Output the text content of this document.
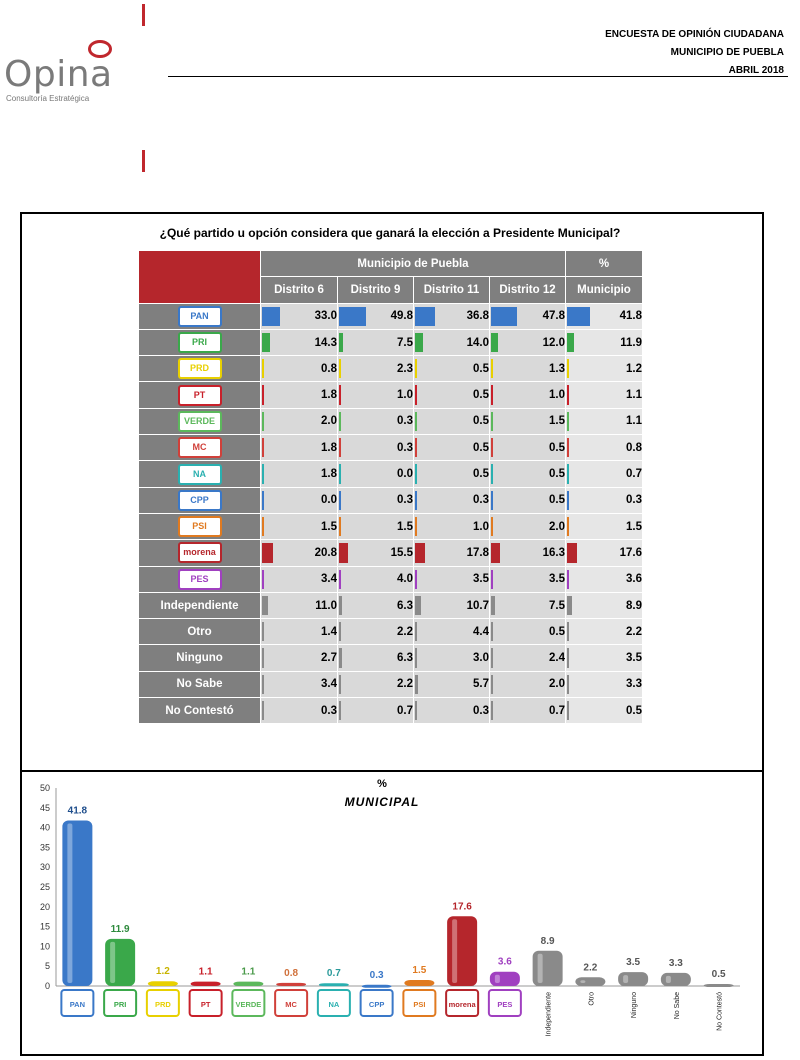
Opina
Consultoría Estratégica
ENCUESTA DE OPINIÓN CIUDADANA
MUNICIPIO DE PUEBLA
ABRIL 2018
¿Qué partido u opción considera que ganará la elección a Presidente Municipal?
	Municipio de Puebla				%
	Distrito 6	Distrito 9	Distrito 11	Distrito 12	Municipio
PAN	33.0	49.8	36.8	47.8	41.8
PRI	14.3	7.5	14.0	12.0	11.9
PRD	0.8	2.3	0.5	1.3	1.2
PT	1.8	1.0	0.5	1.0	1.1
VERDE	2.0	0.3	0.5	1.5	1.1
MC	1.8	0.3	0.5	0.5	0.8
NA	1.8	0.0	0.5	0.5	0.7
CPP	0.0	0.3	0.3	0.5	0.3
PSI	1.5	1.5	1.0	2.0	1.5
morena	20.8	15.5	17.8	16.3	17.6
PES	3.4	4.0	3.5	3.5	3.6
Independiente	11.0	6.3	10.7	7.5	8.9
Otro	1.4	2.2	4.4	0.5	2.2
Ninguno	2.7	6.3	3.0	2.4	3.5
No Sabe	3.4	2.2	5.7	2.0	3.3
No Contestó	0.3	0.7	0.3	0.7	0.5
%
MUNICIPAL
0
5
10
15
20
25
30
35
40
45
50
41.8
PAN
11.9
PRI
1.2
PRD
1.1
PT
1.1
VERDE
0.8
MC
0.7
NA
0.3
CPP
1.5
PSI
17.6
morena
3.6
PES
8.9
Independiente
2.2
Otro
3.5
Ninguno
3.3
No Sabe
0.5
No Contestó
